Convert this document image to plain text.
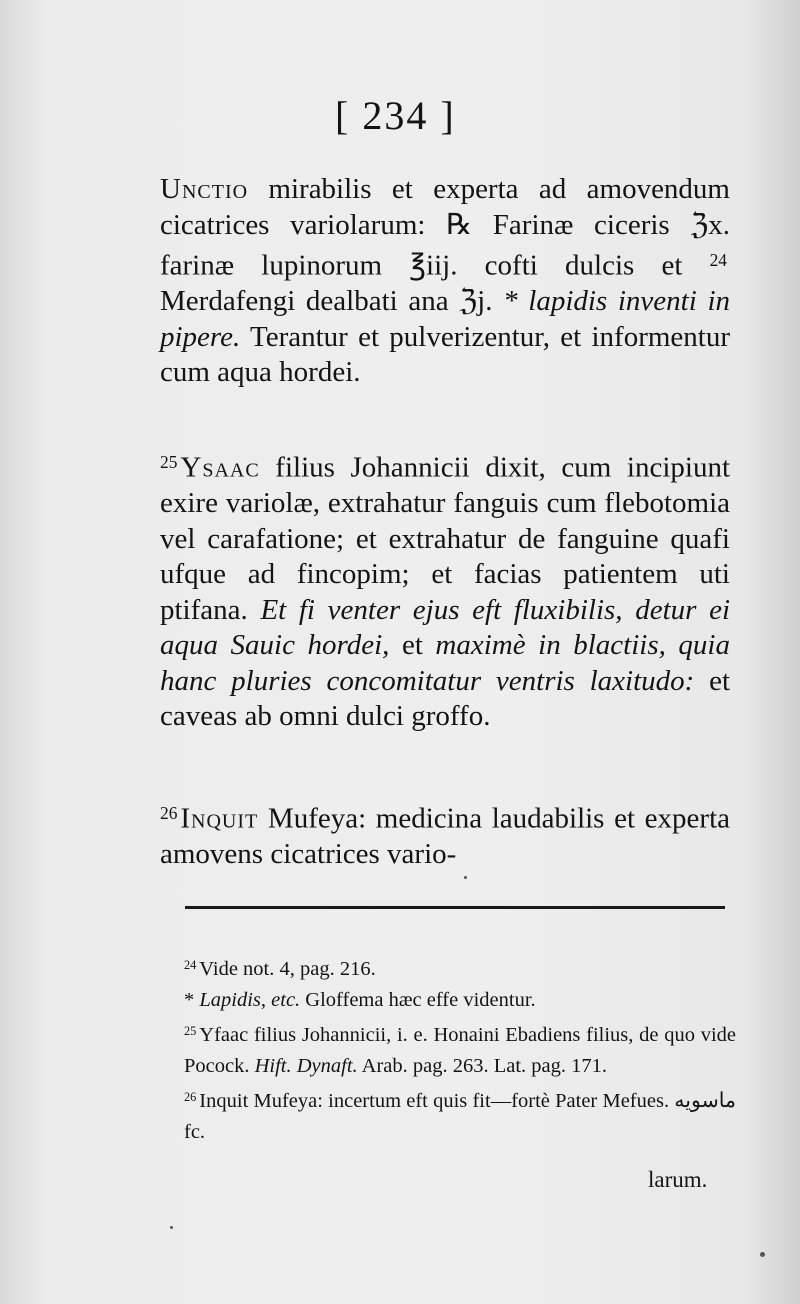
[ 234 ]

Unctio mirabilis et experta ad amovendum cicatrices variolarum: ℞ Farinæ ciceris ℨx. farinæ lupinorum ℥iij. cofti dulcis et $^{24}$ Merdafengi dealbati ana ℨj. * lapidis inventi in pipere. Terantur et pulverizentur, et informentur cum aqua hordei.

$^{25}$ Ysaac filius Johannicii dixit, cum incipiunt exire variolæ, extrahatur fanguis cum flebotomia vel carafatione; et extrahatur de fanguine quafi ufque ad fincopim; et facias patientem uti ptifana. Et fi venter ejus eft fluxibilis, detur ei aqua Sauic hordei, et maximè in blactiis, quia hanc pluries concomitatur ventris laxitudo: et caveas ab omni dulci groffo.

$^{26}$ Inquit Mufeya: medicina laudabilis et experta amovens cicatrices vario-

$^{24}$ Vide not. 4, pag. 216.

* Lapidis, etc. Gloffema hæc effe videntur.

$^{25}$ Yfaac filius Johannicii, i. e. Honaini Ebadiens filius, de quo vide Pocock. Hift. Dynaft. Arab. pag. 263. Lat. pag. 171.

$^{26}$ Inquit Mufeya: incertum eft quis fit—fortè Pater Mefues. ماسويه fc.

larum.
